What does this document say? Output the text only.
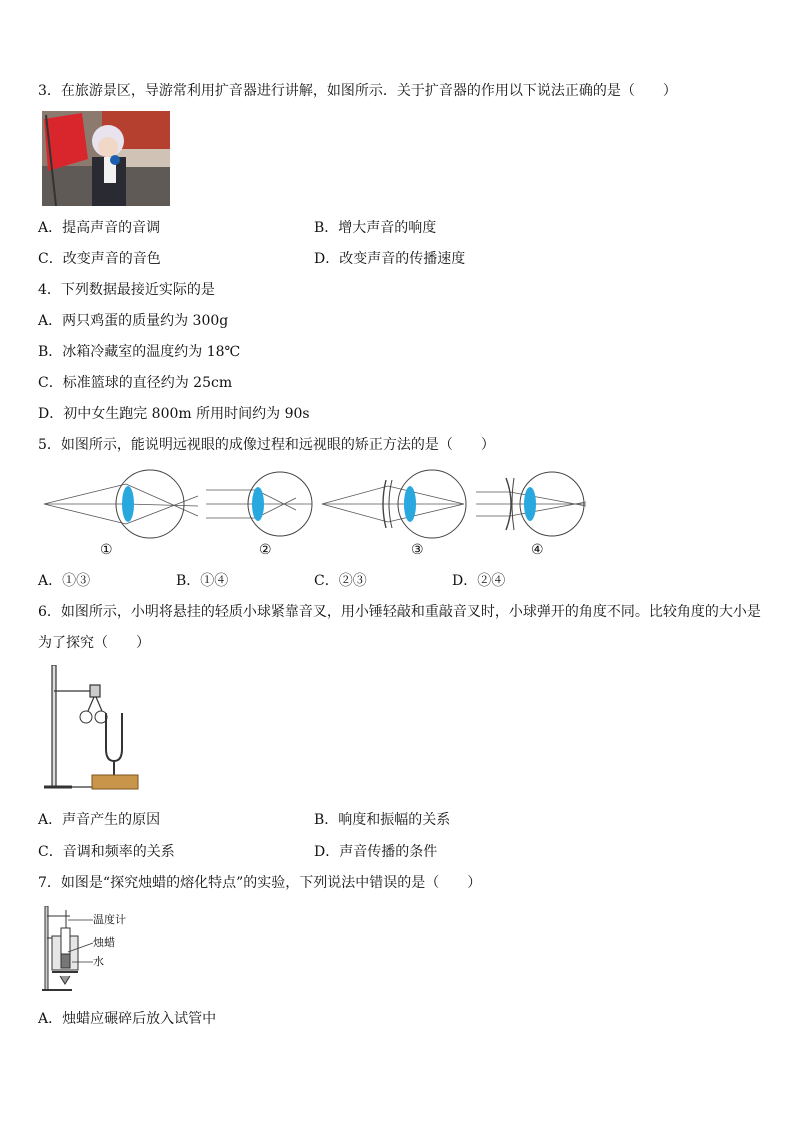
3．在旅游景区，导游常利用扩音器进行讲解，如图所示．关于扩音器的作用以下说法正确的是（　　）
A．提高声音的音调	B．增大声音的响度
C．改变声音的音色	D．改变声音的传播速度
4．下列数据最接近实际的是
A．两只鸡蛋的质量约为 300g
B．冰箱冷藏室的温度约为 18℃
C．标准篮球的直径约为 25cm
D．初中女生跑完 800m 所用时间约为 90s
5．如图所示，能说明远视眼的成像过程和远视眼的矫正方法的是（　　）
①	②	③	④
A．①③	B．①④	C．②③	D．②④
6．如图所示，小明将悬挂的轻质小球紧靠音叉，用小锤轻敲和重敲音叉时，小球弹开的角度不同。比较角度的大小是
为了探究（　　）
A．声音产生的原因	B．响度和振幅的关系
C．音调和频率的关系	D．声音传播的条件
7．如图是“探究烛蜡的熔化特点”的实验，下列说法中错误的是（　　）
温度计
烛蜡
水
A．烛蜡应碾碎后放入试管中
